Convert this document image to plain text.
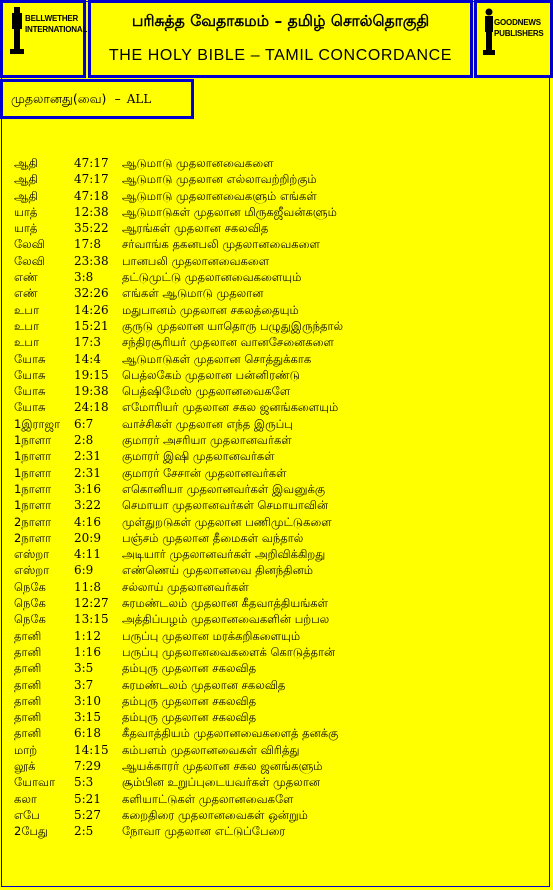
BELLWETHER
INTERNATIONAL	பரிசுத்த வேதாகமம் – தமிழ் சொல்தொகுதி
THE HOLY BIBLE – TAMIL CONCORDANCE
GOODNEWS
PUBLISHERS
முதலானது(வை) – ALL
ஆதி	47:17 ஆடுமாடு முதலானவைகளை
ஆதி	47:17 ஆடுமாடு முதலான எல்லாவற்றிற்கும்
ஆதி	47:18 ஆடுமாடு முதலானவைகளும் எங்கள்
யாத்	12:38 ஆடுமாடுகள் முதலான மிருகஜீவன்களும்
யாத்	35:22 ஆரங்கள் முதலான சகலவித
லேவி 17:8 சர்வாங்க தகனபலி முதலானவைகளை
லேவி 23:38 பானபலி முதலானவைகளை
எண்	3:8 தட்டுமுட்டு முதலானவைகளையும்
எண்	32:26 எங்கள் ஆடுமாடு முதலான
உபா	14:26 மதுபானம் முதலான சகலத்தையும்
உபா	15:21 குருடு முதலான யாதொரு பழுதுஇருந்தால்
உபா	17:3 சந்திரசூரியர் முதலான வானசேனைகளை
யோசு 14:4 ஆடுமாடுகள் முதலான சொத்துக்காக
யோசு 19:15 பெத்லகேம் முதலான பன்னிரண்டு
யோசு 19:38 பெத்ஷிமேஸ் முதலானவைகளே
யோசு 24:18 எமோரியர் முதலான சகல ஜனங்களையும்
1இராஜா 6:7 வாச்சிகள் முதலான எந்த இருப்பு
1நாளா 2:8 குமாரர் அசரியா முதலானவர்கள்
1நாளா 2:31 குமாரர் இஷி முதலானவர்கள்
1நாளா 2:31 குமாரர் சேசான் முதலானவர்கள்
1நாளா 3:16 எகொனியா முதலானவர்கள் இவனுக்கு
1நாளா 3:22 செமாயா முதலானவர்கள் செமாயாவின்
2நாளா 4:16 முள்துறடுகள் முதலான பணிமுட்டுகளை
2நாளா 20:9 பஞ்சம் முதலான தீமைகள் வந்தால்
எஸ்றா 4:11 அடியார் முதலானவர்கள் அறிவிக்கிறது
எஸ்றா 6:9 எண்ணெய் முதலானவை தினந்தினம்
நெகே 11:8 சல்லாய் முதலானவர்கள்
நெகே 12:27 சுரமண்டலம் முதலான கீதவாத்தியங்கள்
நெகே 13:15 அத்திப்பழம் முதலானவைகளின் பற்பல
தானி	1:12 பருப்பு முதலான மரக்கறிகளையும்
தானி	1:16 பருப்பு முதலானவைகளைக் கொடுத்தான்
தானி	3:5 தம்புரு முதலான சகலவித
தானி	3:7 சுரமண்டலம் முதலான சகலவித
தானி	3:10 தம்புரு முதலான சகலவித
தானி	3:15 தம்புரு முதலான சகலவித
தானி	6:18 கீதவாத்தியம் முதலானவைகளைத் தனக்கு
மாற்	14:15 கம்பளம் முதலானவைகள் விரித்து
லூக்	7:29 ஆயக்காரர் முதலான சகல ஜனங்களும்
யோவா 5:3 சூம்பின உறுப்புடையவர்கள் முதலான
கலா	5:21 களியாட்டுகள் முதலானவைகளே
எபே	5:27 கறைதிரை முதலானவைகள் ஒன்றும்
2பேது 2:5 நோவா முதலான எட்டுப்பேரை
